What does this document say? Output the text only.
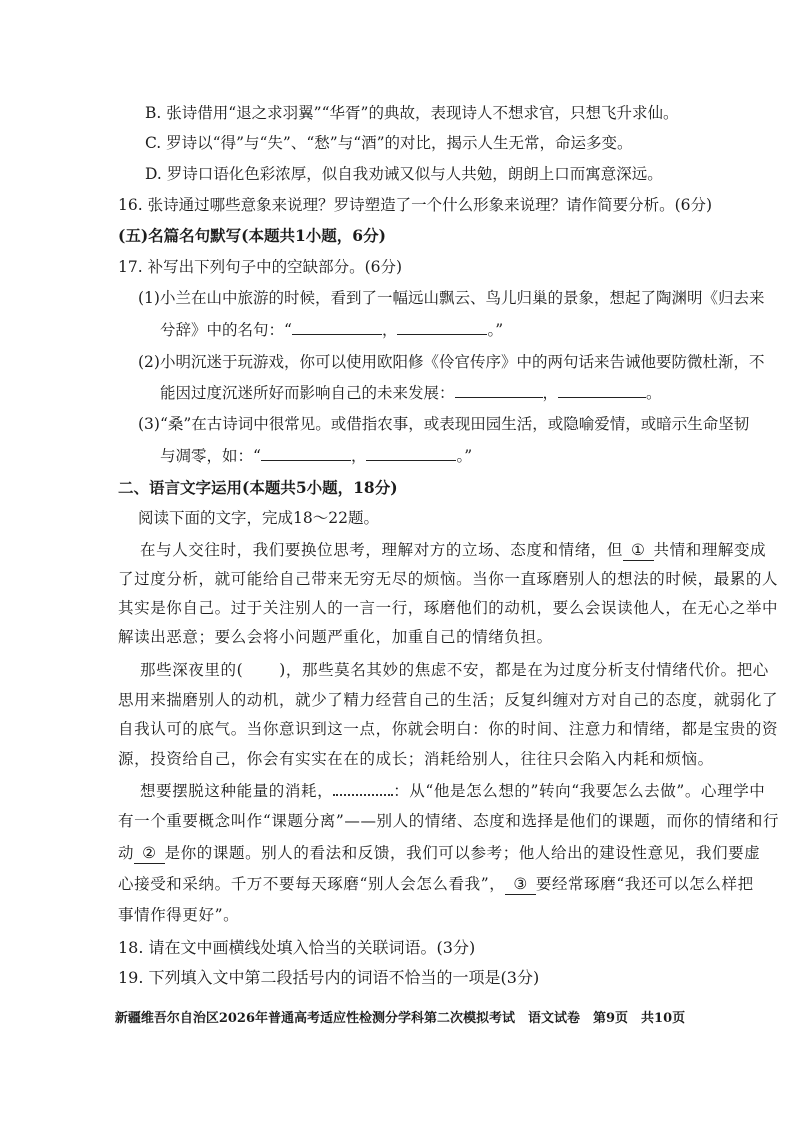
B. 张诗借用“退之求羽翼”“华胥”的典故，表现诗人不想求官，只想飞升求仙。
C. 罗诗以“得”与“失”、“愁”与“酒”的对比，揭示人生无常，命运多变。
D. 罗诗口语化色彩浓厚，似自我劝诫又似与人共勉，朗朗上口而寓意深远。
16. 张诗通过哪些意象来说理？罗诗塑造了一个什么形象来说理？请作简要分析。(6分)
(五)名篇名句默写(本题共1小题，6分)
17. 补写出下列句子中的空缺部分。(6分)
(1)小兰在山中旅游的时候，看到了一幅远山飘云、鸟儿归巢的景象，想起了陶渊明《归去来
兮辞》中的名句：“	，	。”
(2)小明沉迷于玩游戏，你可以使用欧阳修《伶官传序》中的两句话来告诫他要防微杜渐，不
能因过度沉迷所好而影响自己的未来发展：	，	。
(3)“桑”在古诗词中很常见。或借指农事，或表现田园生活，或隐喻爱情，或暗示生命坚韧
与凋零，如：“	，	。”
二、语言文字运用(本题共5小题，18分)
阅读下面的文字，完成18～22题。
在与人交往时，我们要换位思考，理解对方的立场、态度和情绪，但 ① 共情和理解变成
了过度分析，就可能给自己带来无穷无尽的烦恼。当你一直琢磨别人的想法的时候，最累的人
其实是你自己。过于关注别人的一言一行，琢磨他们的动机，要么会误读他人，在无心之举中
解读出恶意；要么会将小问题严重化，加重自己的情绪负担。
那些深夜里的( )，那些莫名其妙的焦虑不安，都是在为过度分析支付情绪代价。把心
思用来揣磨别人的动机，就少了精力经营自己的生活；反复纠缠对方对自己的态度，就弱化了
自我认可的底气。当你意识到这一点，你就会明白：你的时间、注意力和情绪，都是宝贵的资
源，投资给自己，你会有实实在在的成长；消耗给别人，往往只会陷入内耗和烦恼。
想要摆脱这种能量的消耗，	：从“他是怎么想的”转向“我要怎么去做”。心理学中
有一个重要概念叫作“课题分离”——别人的情绪、态度和选择是他们的课题，而你的情绪和行
动 ② 是你的课题。别人的看法和反馈，我们可以参考；他人给出的建设性意见，我们要虚
心接受和采纳。千万不要每天琢磨“别人会怎么看我”， ③ 要经常琢磨“我还可以怎么样把
事情作得更好”。
18. 请在文中画横线处填入恰当的关联词语。(3分)
19. 下列填入文中第二段括号内的词语不恰当的一项是(3分)
新疆维吾尔自治区2026年普通高考适应性检测分学科第二次模拟考试　语文试卷　第9页　共10页
